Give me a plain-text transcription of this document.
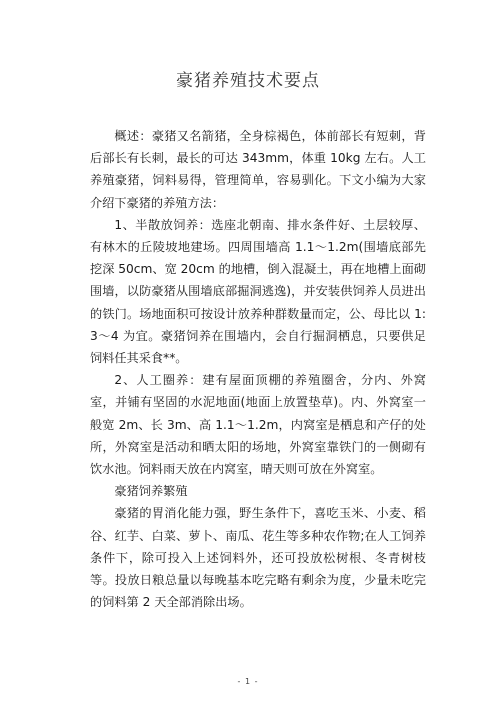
豪猪养殖技术要点

概述：豪猪又名箭猪，全身棕褐色，体前部长有短刺，背后部长有长刺，最长的可达 343mm，体重 10kg 左右。人工养殖豪猪，饲料易得，管理简单，容易驯化。下文小编为大家介绍下豪猪的养殖方法：

1、半散放饲养：选座北朝南、排水条件好、土层较厚、有林木的丘陵坡地建场。四周围墙高 1.1～1.2m(围墙底部先挖深 50cm、宽 20cm 的地槽，倒入混凝土，再在地槽上面砌围墙，以防豪猪从围墙底部掘洞逃逸)，并安装供饲养人员进出的铁门。场地面积可按设计放养种群数量而定，公、母比以 1:3～4 为宜。豪猪饲养在围墙内，会自行掘洞栖息，只要供足饲料任其采食**。

2、人工圈养：建有屋面顶棚的养殖圈舍，分内、外窝室，并铺有坚固的水泥地面(地面上放置垫草)。内、外窝室一般宽 2m、长 3m、高 1.1～1.2m，内窝室是栖息和产仔的处所，外窝室是活动和晒太阳的场地，外窝室靠铁门的一侧砌有饮水池。饲料雨天放在内窝室，晴天则可放在外窝室。

豪猪饲养繁殖

豪猪的胃消化能力强，野生条件下，喜吃玉米、小麦、稻谷、红芋、白菜、萝卜、南瓜、花生等多种农作物;在人工饲养条件下，除可投入上述饲料外，还可投放松树根、冬青树枝等。投放日粮总量以每晚基本吃完略有剩余为度，少量未吃完的饲料第 2 天全部消除出场。

- 1 -
